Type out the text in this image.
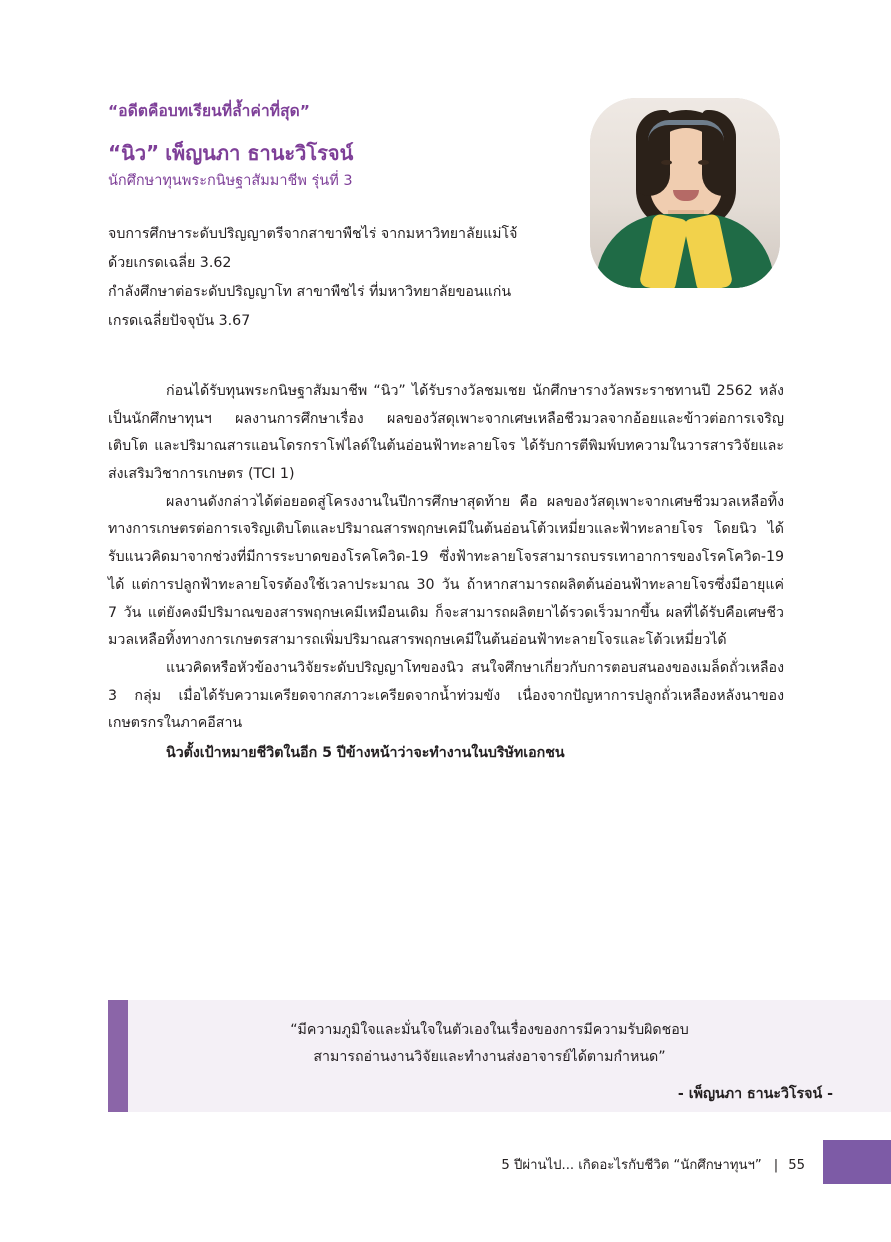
“อดีตคือบทเรียนที่ล้ำค่าที่สุด”
“นิว” เพ็ญนภา ธานะวิโรจน์
นักศึกษาทุนพระกนิษฐาสัมมาชีพ รุ่นที่ 3
จบการศึกษาระดับปริญญาตรีจากสาขาพืชไร่ จากมหาวิทยาลัยแม่โจ้
ด้วยเกรดเฉลี่ย 3.62
กำลังศึกษาต่อระดับปริญญาโท สาขาพืชไร่ ที่มหาวิทยาลัยขอนแก่น
เกรดเฉลี่ยปัจจุบัน 3.67

ก่อนได้รับทุนพระกนิษฐาสัมมาชีพ “นิว” ได้รับรางวัลชมเชย นักศึกษารางวัลพระราชทานปี 2562 หลังเป็นนักศึกษาทุนฯ ผลงานการศึกษาเรื่อง ผลของวัสดุเพาะจากเศษเหลือชีวมวลจากอ้อยและข้าวต่อการเจริญเติบโต และปริมาณสารแอนโดรกราโฟไลด์ในต้นอ่อนฟ้าทะลายโจร ได้รับการตีพิมพ์บทความในวารสารวิจัยและส่งเสริมวิชาการเกษตร (TCI 1)

ผลงานดังกล่าวได้ต่อยอดสู่โครงงานในปีการศึกษาสุดท้าย คือ ผลของวัสดุเพาะจากเศษชีวมวลเหลือทิ้งทางการเกษตรต่อการเจริญเติบโตและปริมาณสารพฤกษเคมีในต้นอ่อนโต้วเหมี่ยวและฟ้าทะลายโจร โดยนิว ได้รับแนวคิดมาจากช่วงที่มีการระบาดของโรคโควิด-19 ซึ่งฟ้าทะลายโจรสามารถบรรเทาอาการของโรคโควิด-19 ได้ แต่การปลูกฟ้าทะลายโจรต้องใช้เวลาประมาณ 30 วัน ถ้าหากสามารถผลิตต้นอ่อนฟ้าทะลายโจรซึ่งมีอายุแค่ 7 วัน แต่ยังคงมีปริมาณของสารพฤกษเคมีเหมือนเดิม ก็จะสามารถผลิตยาได้รวดเร็วมากขึ้น ผลที่ได้รับคือเศษชีวมวลเหลือทิ้งทางการเกษตรสามารถเพิ่มปริมาณสารพฤกษเคมีในต้นอ่อนฟ้าทะลายโจรและโต้วเหมี่ยวได้

แนวคิดหรือหัวข้องานวิจัยระดับปริญญาโทของนิว สนใจศึกษาเกี่ยวกับการตอบสนองของเมล็ดถั่วเหลือง 3 กลุ่ม เมื่อได้รับความเครียดจากสภาวะเครียดจากน้ำท่วมขัง เนื่องจากปัญหาการปลูกถั่วเหลืองหลังนาของเกษตรกรในภาคอีสาน

นิวตั้งเป้าหมายชีวิตในอีก 5 ปีข้างหน้าว่าจะทำงานในบริษัทเอกชน

“มีความภูมิใจและมั่นใจในตัวเองในเรื่องของการมีความรับผิดชอบ
สามารถอ่านงานวิจัยและทำงานส่งอาจารย์ได้ตามกำหนด”
- เพ็ญนภา ธานะวิโรจน์ -
5 ปีผ่านไป... เกิดอะไรกับชีวิต “นักศึกษาทุนฯ” | 55
